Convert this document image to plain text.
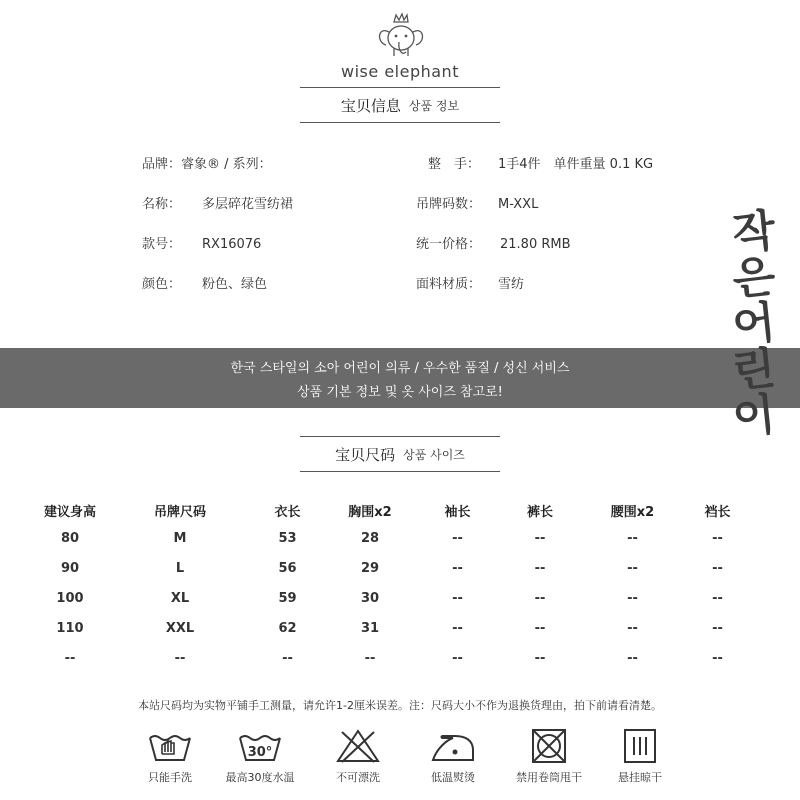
wise elephant
宝贝信息 상품 정보
品牌：睿象® / 系列：	整　手： 1手4件　单件重量 0.1 KG
名称： 多层碎花雪纺裙	吊牌码数： M-XXL
款号： RX16076	统一价格： 21.80 RMB
颜色： 粉色、绿色	面料材质： 雪纺
한국 스타일의 소아 어린이 의류 / 우수한 품질 / 성신 서비스
상품 기본 정보 및 옷 사이즈 참고로!
작
은
어
린
이
宝贝尺码 상품 사이즈
建议身高	吊牌尺码	衣长	胸围x2	袖长	裤长	腰围x2	裆长
80	M	53	28	--	--	--	--
90	L	56	29	--	--	--	--
100	XL	59	30	--	--	--	--
110	XXL	62	31	--	--	--	--
--	--	--	--	--	--	--	--
本站尺码均为实物平铺手工测量，请允许1-2厘米误差。注：尺码大小不作为退换货理由，拍下前请看清楚。
只能手洗
30°
最高30度水温	不可漂洗	低温熨烫	禁用卷筒甩干	悬挂晾干
